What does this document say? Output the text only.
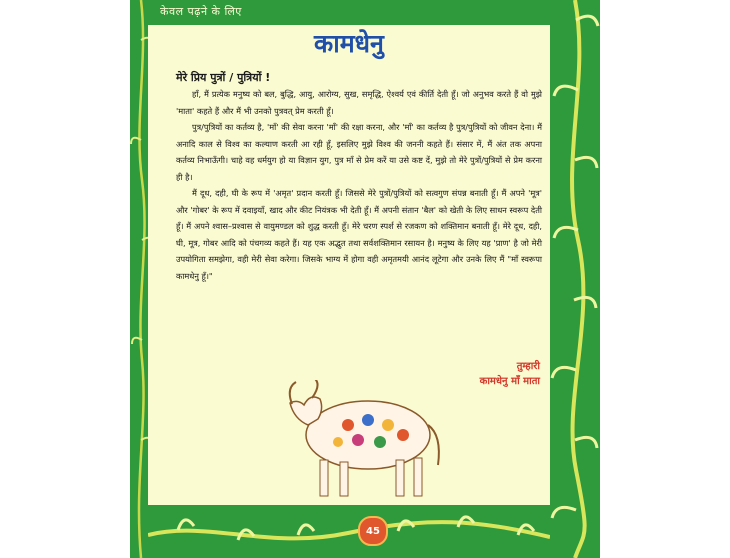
केवल पढ़ने के लिए
कामधेनु
मेरे प्रिय पुत्रों / पुत्रियों !

हाँ, मैं प्रत्येक मनुष्य को बल, बुद्धि, आयु, आरोग्य, सुख, समृद्धि, ऐश्वर्य एवं कीर्ति देती हूँ। जो अनुभव करते हैं वो मुझे 'माता' कहते हैं और मैं भी उनको पुत्रवत् प्रेम करती हूँ।

पुत्र/पुत्रियों का कर्तव्य है, 'माँ' की सेवा करना 'माँ' की रक्षा करना, और 'माँ' का कर्तव्य है पुत्र/पुत्रियों को जीवन देना। मैं अनादि काल से विश्व का कल्याण करती आ रही हूँ, इसलिए मुझे विश्व की जननी कहते हैं। संसार में, मैं अंत तक अपना कर्तव्य निभाऊँगी। चाहे वह धर्मयुग हो या विज्ञान युग, पुत्र माँ से प्रेम करें या उसे कष्ट दें, मुझे तो मेरे पुत्रों/पुत्रियों से प्रेम करना ही है।

मैं दूध, दही, घी के रूप में 'अमृत' प्रदान करती हूँ। जिससे मेरे पुत्रों/पुत्रियों को सत्वगुण संपन्न बनाती हूँ। मैं अपने 'मूत्र' और 'गोबर' के रूप में दवाइयाँ, खाद और कीट नियंत्रक भी देती हूँ। मैं अपनी संतान 'बैल' को खेती के लिए साधन स्वरूप देती हूँ। मैं अपने श्वास–प्रश्वास से वायुमण्डल को शुद्ध करती हूँ। मेरे चरण स्पर्श से रजकण को शक्तिमान बनाती हूँ। मेरे दूध, दही, घी, मूत्र, गोबर आदि को पंचगव्य कहते हैं। यह एक अद्भुत तथा सर्वशक्तिमान रसायन है। मनुष्य के लिए यह 'प्राण' है जो मेरी उपयोगिता समझेगा, वही मेरी सेवा करेगा। जिसके भाग्य में होगा वही अमृतमयी आनंद लूटेगा और उनके लिए मैं "माँ स्वरूपा कामधेनु हूँ।"

तुम्हारी
कामधेनु माँ माता
45
